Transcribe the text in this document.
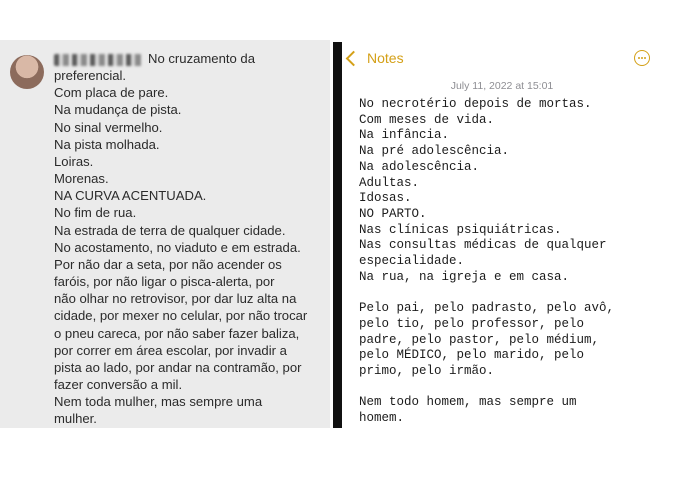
No cruzamento da
preferencial.
Com placa de pare.
Na mudança de pista.
No sinal vermelho.
Na pista molhada.
Loiras.
Morenas.
NA CURVA ACENTUADA.
No fim de rua.
Na estrada de terra de qualquer cidade.
No acostamento, no viaduto e em estrada.
Por não dar a seta, por não acender os
faróis, por não ligar o pisca-alerta, por
não olhar no retrovisor, por dar luz alta na
cidade, por mexer no celular, por não trocar
o pneu careca, por não saber fazer baliza,
por correr em área escolar, por invadir a
pista ao lado, por andar na contramão, por
fazer conversão a mil.
Nem toda mulher, mas sempre uma
mulher.
Notes
July 11, 2022 at 15:01
No necrotério depois de mortas.
Com meses de vida.
Na infância.
Na pré adolescência.
Na adolescência.
Adultas.
Idosas.
NO PARTO.
Nas clínicas psiquiátricas.
Nas consultas médicas de qualquer
especialidade.
Na rua, na igreja e em casa.
Pelo pai, pelo padrasto, pelo avô,
pelo tio, pelo professor, pelo
padre, pelo pastor, pelo médium,
pelo MÉDICO, pelo marido, pelo
primo, pelo irmão.
Nem todo homem, mas sempre um
homem.
